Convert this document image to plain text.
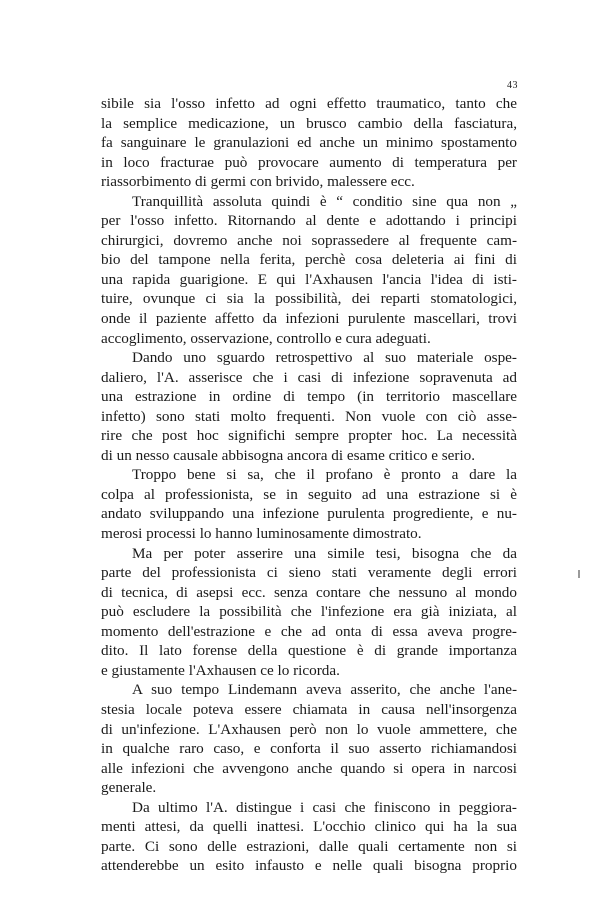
43
sibile sia l'osso infetto ad ogni effetto traumatico, tanto che
la semplice medicazione, un brusco cambio della fasciatura,
fa sanguinare le granulazioni ed anche un minimo spostamento
in loco fracturae può provocare aumento di temperatura per
riassorbimento di germi con brivido, malessere ecc.
Tranquillità assoluta quindi è “ conditio sine qua non „
per l'osso infetto. Ritornando al dente e adottando i principi
chirurgici, dovremo anche noi soprassedere al frequente cam-
bio del tampone nella ferita, perchè cosa deleteria ai fini di
una rapida guarigione. E qui l'Axhausen l'ancia l'idea di isti-
tuire, ovunque ci sia la possibilità, dei reparti stomatologici,
onde il paziente affetto da infezioni purulente mascellari, trovi
accoglimento, osservazione, controllo e cura adeguati.
Dando uno sguardo retrospettivo al suo materiale ospe-
daliero, l'A. asserisce che i casi di infezione sopravenuta ad
una estrazione in ordine di tempo (in territorio mascellare
infetto) sono stati molto frequenti. Non vuole con ciò asse-
rire che post hoc significhi sempre propter hoc. La necessità
di un nesso causale abbisogna ancora di esame critico e serio.
Troppo bene si sa, che il profano è pronto a dare la
colpa al professionista, se in seguito ad una estrazione si è
andato sviluppando una infezione purulenta progrediente, e nu-
merosi processi lo hanno luminosamente dimostrato.
Ma per poter asserire una simile tesi, bisogna che da
parte del professionista ci sieno stati veramente degli errori
di tecnica, di asepsi ecc. senza contare che nessuno al mondo
può escludere la possibilità che l'infezione era già iniziata, al
momento dell'estrazione e che ad onta di essa aveva progre-
dito. Il lato forense della questione è di grande importanza
e giustamente l'Axhausen ce lo ricorda.
A suo tempo Lindemann aveva asserito, che anche l'ane-
stesia locale poteva essere chiamata in causa nell'insorgenza
di un'infezione. L'Axhausen però non lo vuole ammettere, che
in qualche raro caso, e conforta il suo asserto richiamandosi
alle infezioni che avvengono anche quando si opera in narcosi
generale.
Da ultimo l'A. distingue i casi che finiscono in peggiora-
menti attesi, da quelli inattesi. L'occhio clinico qui ha la sua
parte. Ci sono delle estrazioni, dalle quali certamente non si
attenderebbe un esito infausto e nelle quali bisogna proprio
